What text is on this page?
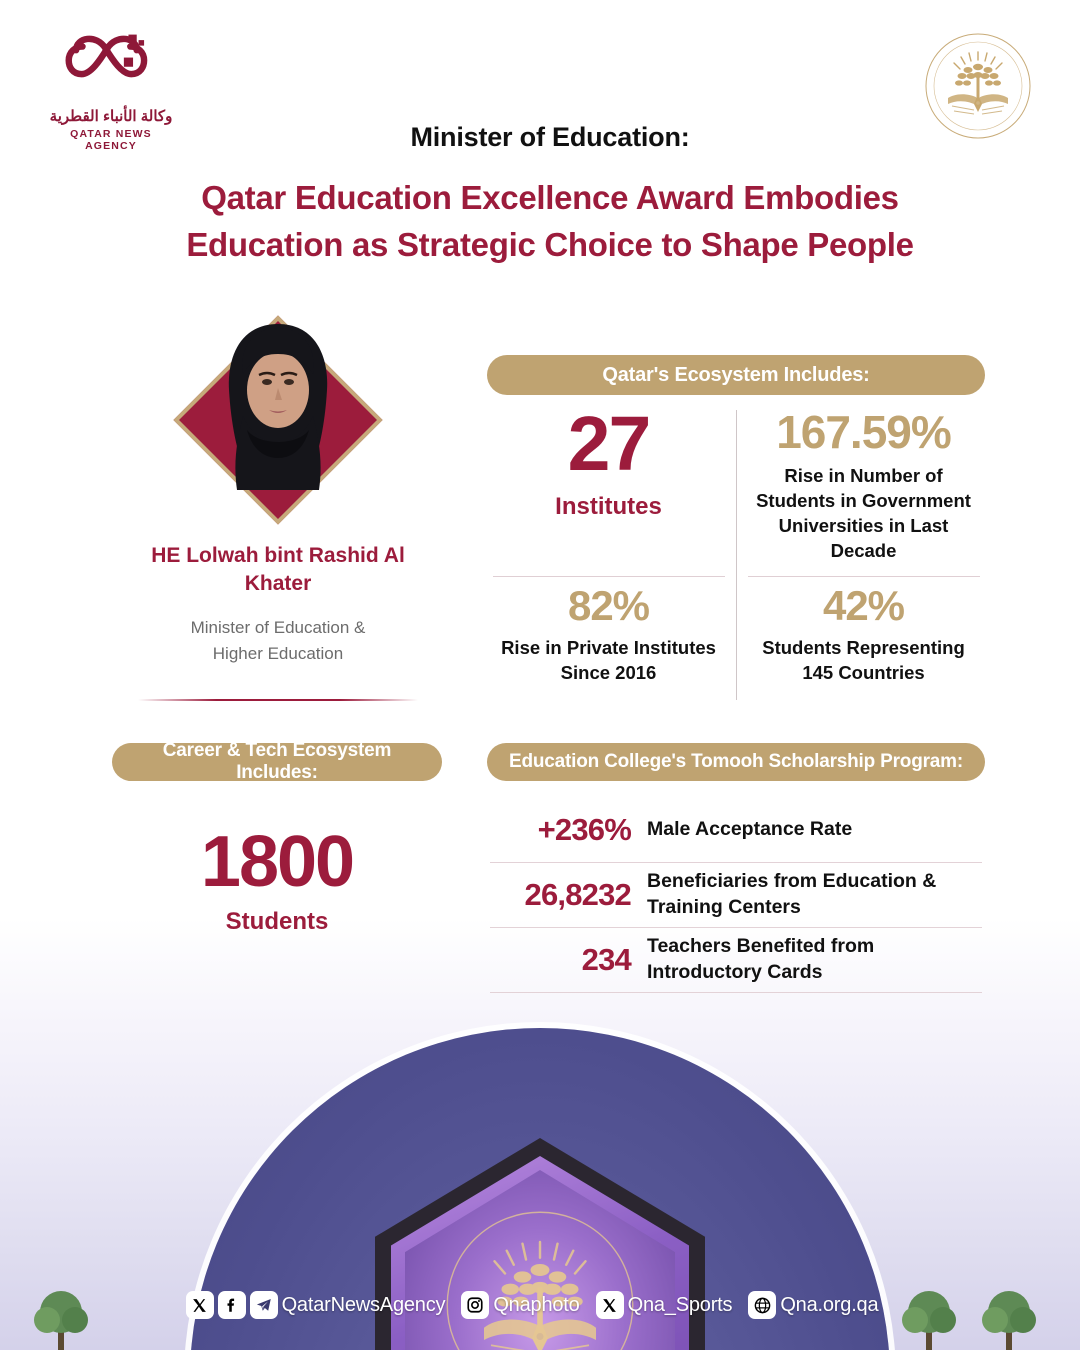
وكالة الأنباء القطرية
QATAR NEWS AGENCY	Minister of Education:
Qatar Education Excellence Award Embodies
Education as Strategic Choice to Shape People
HE Lolwah bint Rashid Al Khater
Minister of Education &
Higher Education
Qatar's Ecosystem Includes:
27
Institutes
167.59%
Rise in Number of Students in Government Universities in Last Decade
82%
Rise in Private Institutes Since 2016
42%
Students Representing 145 Countries
Career & Tech Ecosystem Includes:
1800
Students
Education College's Tomooh Scholarship Program:
+236% Male Acceptance Rate
26,8232 Beneficiaries from Education & Training Centers
234 Teachers Benefited from Introductory Cards
QatarNewsAgency Qnaphoto Qna_Sports Qna.org.qa
